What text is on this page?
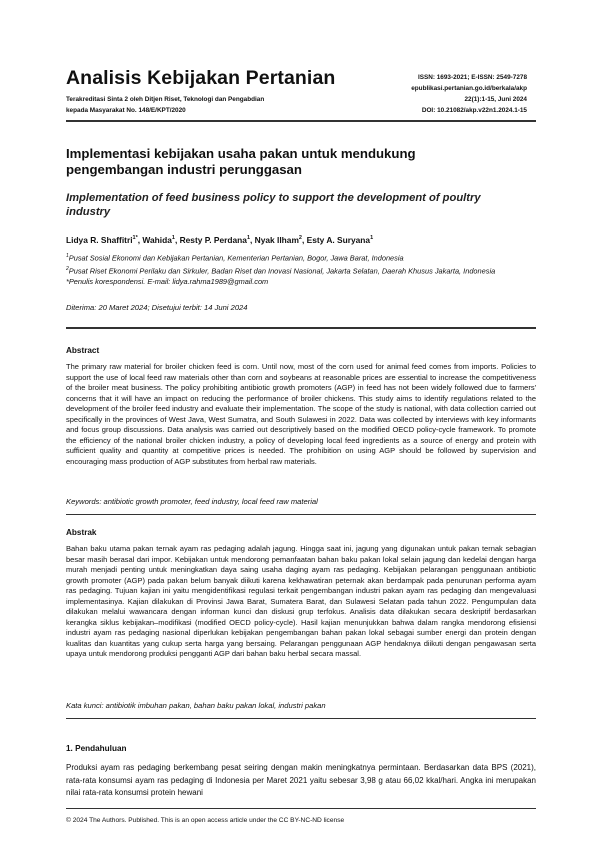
Analisis Kebijakan Pertanian
Terakreditasi Sinta 2 oleh Ditjen Riset, Teknologi dan Pengabdian
kepada Masyarakat No. 148/E/KPT/2020
ISSN: 1693-2021; E-ISSN: 2549-7278
epublikasi.pertanian.go.id/berkala/akp
22(1):1-15, Juni 2024
DOI: 10.21082/akp.v22n1.2024.1-15
Implementasi kebijakan usaha pakan untuk mendukung pengembangan industri perunggasan
Implementation of feed business policy to support the development of poultry industry
Lidya R. Shaffitri$^{1*}$, Wahida$^1$, Resty P. Perdana$^1$, Nyak Ilham$^2$, Esty A. Suryana$^1$

$^1$Pusat Sosial Ekonomi dan Kebijakan Pertanian, Kementerian Pertanian, Bogor, Jawa Barat, Indonesia

$^2$Pusat Riset Ekonomi Perilaku dan Sirkuler, Badan Riset dan Inovasi Nasional, Jakarta Selatan, Daerah Khusus Jakarta, Indonesia

*Penulis korespondensi. E-mail: lidya.rahma1989@gmail.com

Diterima: 20 Maret 2024; Disetujui terbit: 14 Juni 2024
Abstract
The primary raw material for broiler chicken feed is corn. Until now, most of the corn used for animal feed comes from imports. Policies to support the use of local feed raw materials other than corn and soybeans at reasonable prices are essential to increase the competitiveness of the broiler meat business. The policy prohibiting antibiotic growth promoters (AGP) in feed has not been widely followed due to farmers' concerns that it will have an impact on reducing the performance of broiler chickens. This study aims to identify regulations related to the development of the broiler feed industry and evaluate their implementation. The scope of the study is national, with data collection carried out specifically in the provinces of West Java, West Sumatra, and South Sulawesi in 2022. Data was collected by interviews with key informants and focus group discussions. Data analysis was carried out descriptively based on the modified OECD policy-cycle framework. To promote the efficiency of the national broiler chicken industry, a policy of developing local feed ingredients as a source of energy and protein with sufficient quality and quantity at competitive prices is needed. The prohibition on using AGP should be followed by supervision and encouraging mass production of AGP substitutes from herbal raw materials.
Keywords: antibiotic growth promoter, feed industry, local feed raw material
Abstrak
Bahan baku utama pakan ternak ayam ras pedaging adalah jagung. Hingga saat ini, jagung yang digunakan untuk pakan ternak sebagian besar masih berasal dari impor. Kebijakan untuk mendorong pemanfaatan bahan baku pakan lokal selain jagung dan kedelai dengan harga murah menjadi penting untuk meningkatkan daya saing usaha daging ayam ras pedaging. Kebijakan pelarangan penggunaan antibiotic growth promoter (AGP) pada pakan belum banyak diikuti karena kekhawatiran peternak akan berdampak pada penurunan performa ayam ras pedaging. Tujuan kajian ini yaitu mengidentifikasi regulasi terkait pengembangan industri pakan ayam ras pedaging dan mengevaluasi implementasinya. Kajian dilakukan di Provinsi Jawa Barat, Sumatera Barat, dan Sulawesi Selatan pada tahun 2022. Pengumpulan data dilakukan melalui wawancara dengan informan kunci dan diskusi grup terfokus. Analisis data dilakukan secara deskriptif berdasarkan kerangka siklus kebijakan–modifikasi (modified OECD policy-cycle). Hasil kajian menunjukkan bahwa dalam rangka mendorong efisiensi industri ayam ras pedaging nasional diperlukan kebijakan pengembangan bahan pakan lokal sebagai sumber energi dan protein dengan kualitas dan kuantitas yang cukup serta harga yang bersaing. Pelarangan penggunaan AGP hendaknya diikuti dengan pengawasan serta upaya untuk mendorong produksi pengganti AGP dari bahan baku herbal secara massal.
Kata kunci: antibiotik imbuhan pakan, bahan baku pakan lokal, industri pakan
1. Pendahuluan
Produksi ayam ras pedaging berkembang pesat seiring dengan makin meningkatnya permintaan. Berdasarkan data BPS (2021), rata-rata konsumsi ayam ras pedaging di Indonesia per Maret 2021 yaitu sebesar 3,98 g atau 66,02 kkal/hari. Angka ini merupakan nilai rata-rata konsumsi protein hewani
© 2024 The Authors. Published. This is an open access article under the CC BY-NC-ND license
